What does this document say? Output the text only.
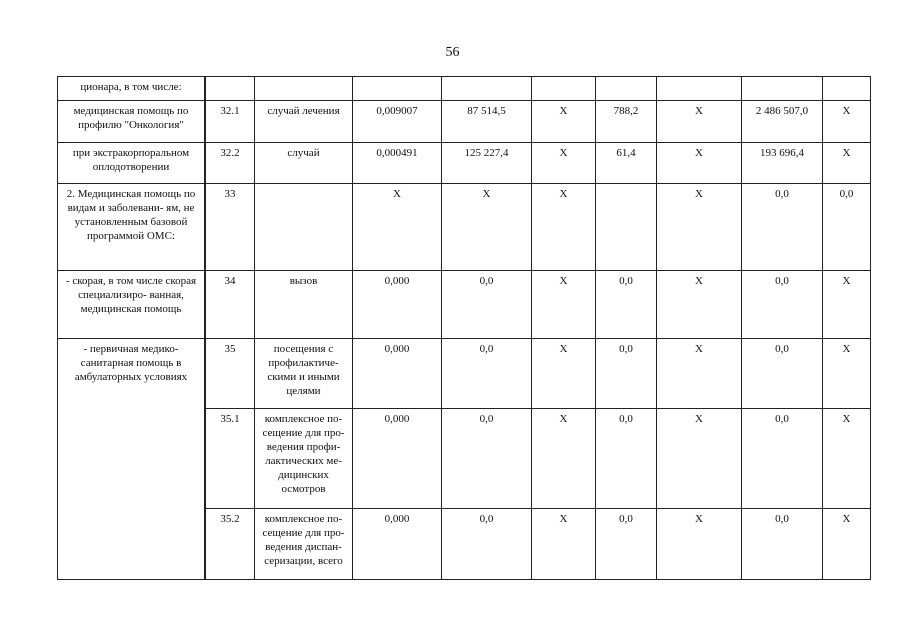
56
ционара, в том числе:									
медицинская помощь по профилю "Онкология"	32.1	случай лечения	0,009007	87 514,5	X	788,2	X	2 486 507,0	X
при экстракорпоральном оплодотворении	32.2	случай	0,000491	125 227,4	X	61,4	X	193 696,4	X
2. Медицинская помощь по видам и заболевани- ям, не установленным базовой программой ОМС:	33		X	X	X		X	0,0	0,0
- скорая, в том числе скорая специализиро- ванная, медицинская помощь	34	вызов	0,000	0,0	X	0,0	X	0,0	X
- первичная медико- санитарная помощь в амбулаторных условиях	35	посещения с профилактиче- скими и иными целями	0,000	0,0	X	0,0	X	0,0	X
	35.1	комплексное по- сещение для про- ведения профи- лактических ме- дицинских осмотров	0,000	0,0	X	0,0	X	0,0	X
	35.2	комплексное по- сещение для про- ведения диспан- серизации, всего	0,000	0,0	X	0,0	X	0,0	X
